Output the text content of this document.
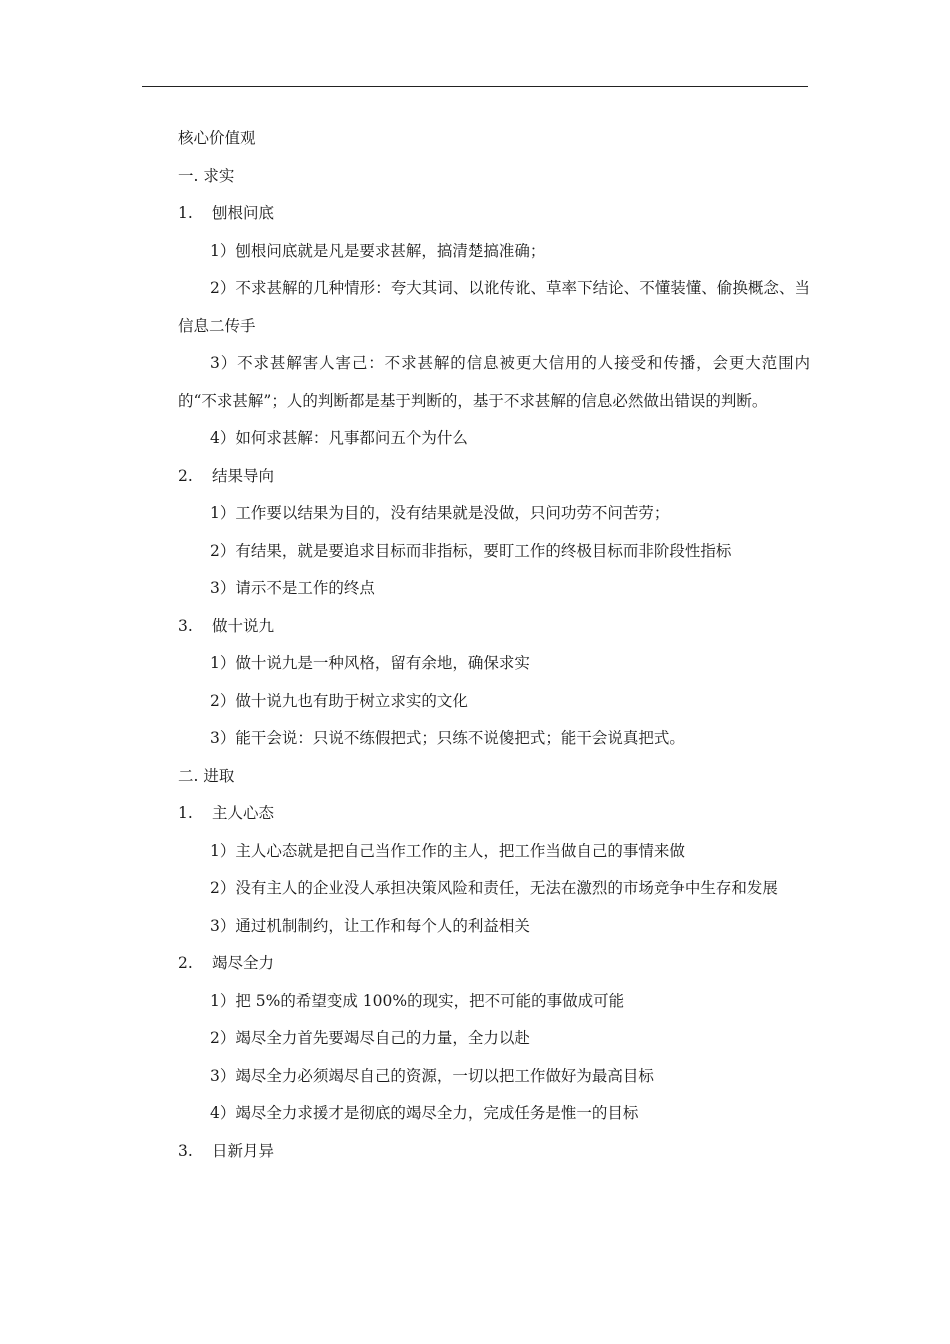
核心价值观

一. 求实

1. 刨根问底

1）刨根问底就是凡是要求甚解，搞清楚搞准确；

2）不求甚解的几种情形：夸大其词、以讹传讹、草率下结论、不懂装懂、偷换概念、当信息二传手

3）不求甚解害人害己：不求甚解的信息被更大信用的人接受和传播，会更大范围内的“不求甚解”；人的判断都是基于判断的，基于不求甚解的信息必然做出错误的判断。

4）如何求甚解：凡事都问五个为什么

2. 结果导向

1）工作要以结果为目的，没有结果就是没做，只问功劳不问苦劳；

2）有结果，就是要追求目标而非指标，要盯工作的终极目标而非阶段性指标

3）请示不是工作的终点

3. 做十说九

1）做十说九是一种风格，留有余地，确保求实

2）做十说九也有助于树立求实的文化

3）能干会说：只说不练假把式；只练不说傻把式；能干会说真把式。

二. 进取

1. 主人心态

1）主人心态就是把自己当作工作的主人，把工作当做自己的事情来做

2）没有主人的企业没人承担决策风险和责任，无法在激烈的市场竞争中生存和发展

3）通过机制制约，让工作和每个人的利益相关

2. 竭尽全力

1）把 5%的希望变成 100%的现实，把不可能的事做成可能

2）竭尽全力首先要竭尽自己的力量，全力以赴

3）竭尽全力必须竭尽自己的资源，一切以把工作做好为最高目标

4）竭尽全力求援才是彻底的竭尽全力，完成任务是惟一的目标

3. 日新月异
